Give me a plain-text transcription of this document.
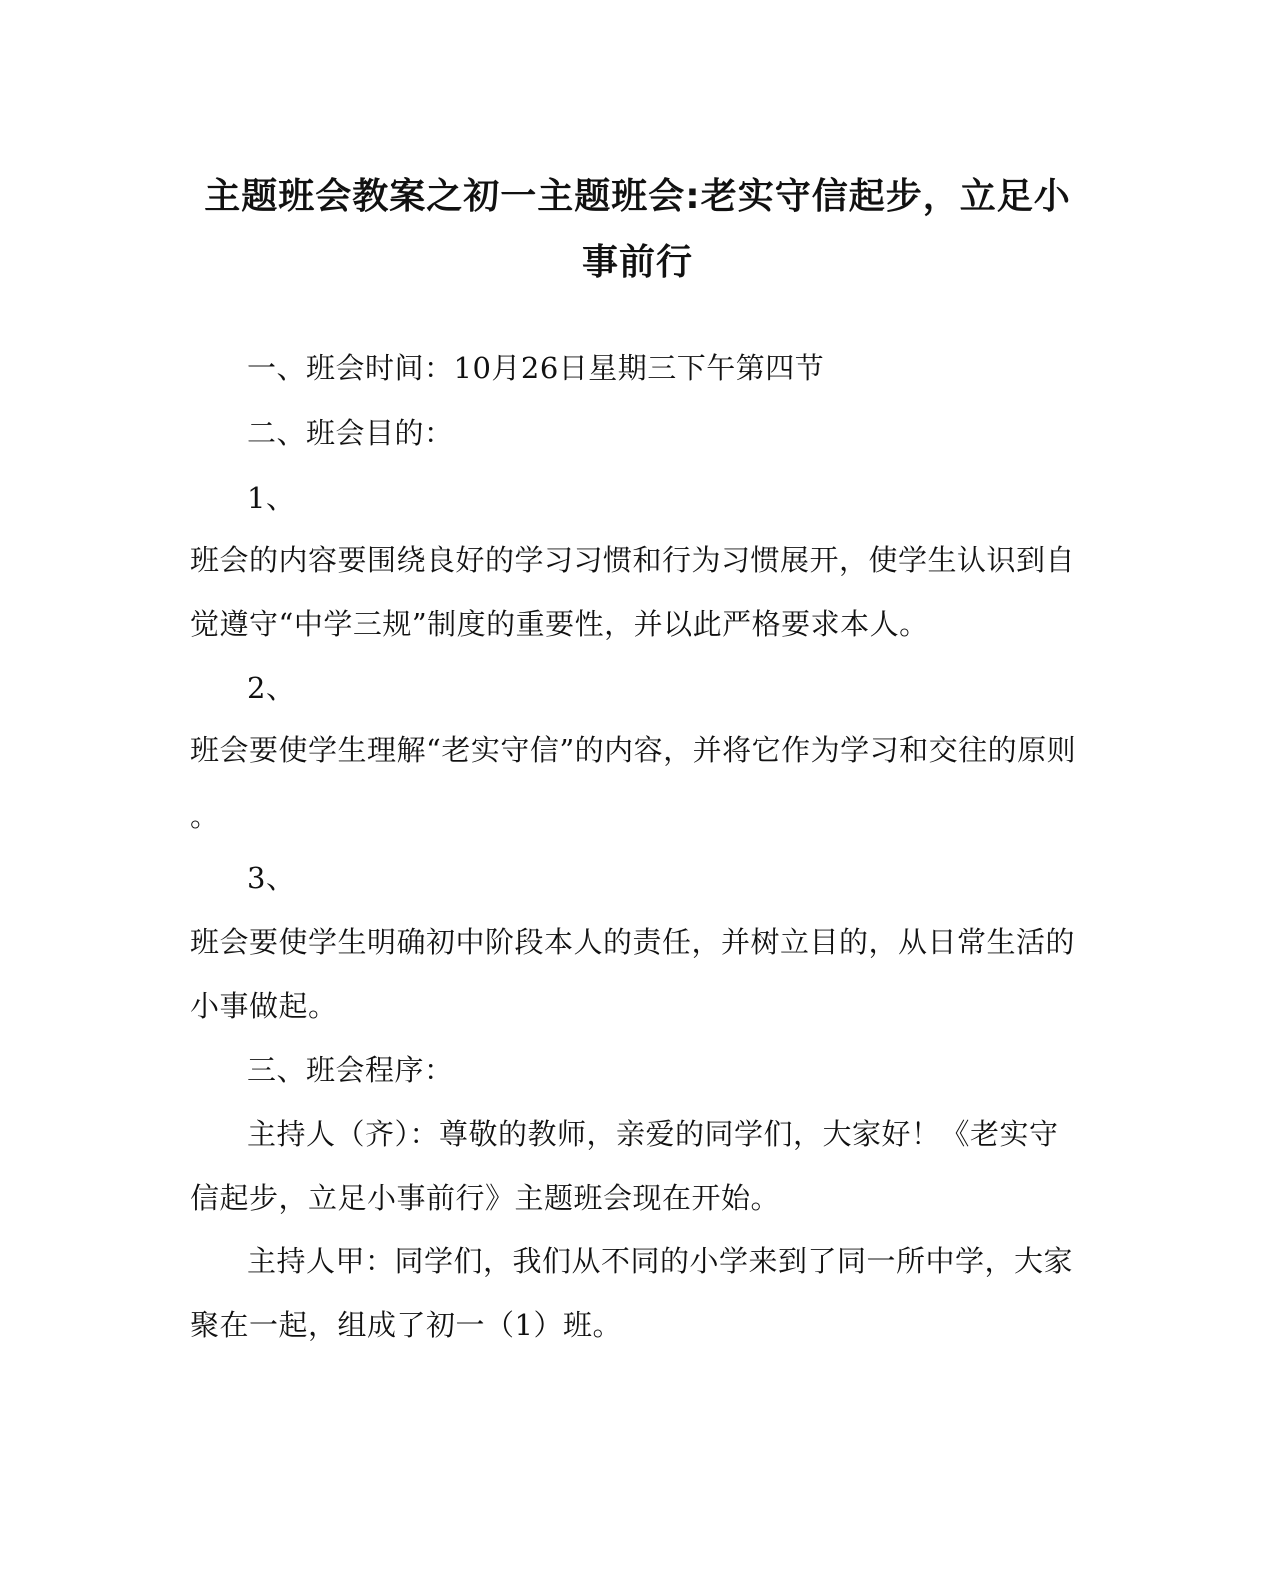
主题班会教案之初一主题班会:老实守信起步，立足小
事前行
一、班会时间：10月26日星期三下午第四节
二、班会目的：
1、
班会的内容要围绕良好的学习习惯和行为习惯展开，使学生认识到自
觉遵守“中学三规”制度的重要性，并以此严格要求本人。
2、
班会要使学生理解“老实守信”的内容，并将它作为学习和交往的原则
。
3、
班会要使学生明确初中阶段本人的责任，并树立目的，从日常生活的
小事做起。
三、班会程序：
主持人（齐）：尊敬的教师，亲爱的同学们，大家好！《老实守
信起步，立足小事前行》主题班会现在开始。
主持人甲：同学们，我们从不同的小学来到了同一所中学，大家
聚在一起，组成了初一（1）班。
